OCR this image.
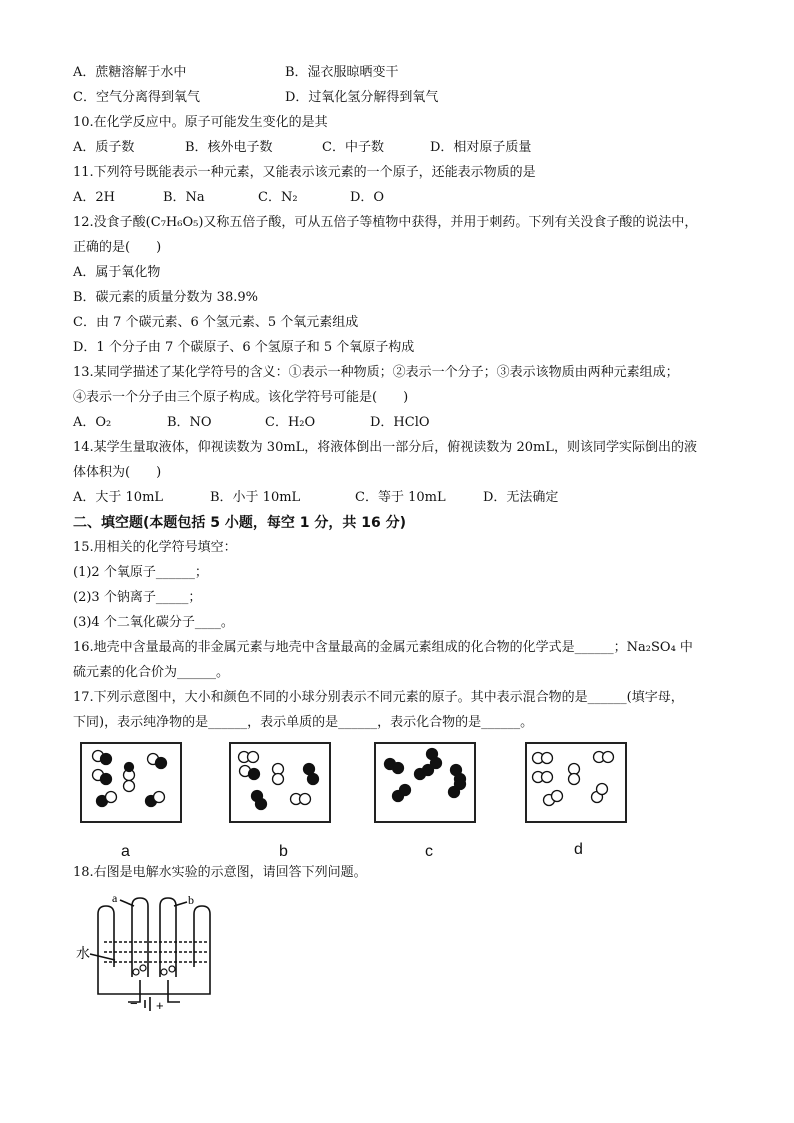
A．蔗糖溶解于水中	B．湿衣服晾晒变干
C．空气分离得到氧气	D．过氧化氢分解得到氧气
10.在化学反应中。原子可能发生变化的是其
A．质子数	B．核外电子数	C．中子数	D．相对原子质量
11.下列符号既能表示一种元素，又能表示该元素的一个原子，还能表示物质的是
A．2H	B．Na	C．N₂	D．O
12.没食子酸(C₇H₆O₅)又称五倍子酸，可从五倍子等植物中获得，并用于刺药。下列有关没食子酸的说法中，
正确的是(　　)
A．属于氧化物
B．碳元素的质量分数为 38.9%
C．由 7 个碳元素、6 个氢元素、5 个氧元素组成
D．1 个分子由 7 个碳原子、6 个氢原子和 5 个氧原子构成
13.某同学描述了某化学符号的含义：①表示一种物质；②表示一个分子；③表示该物质由两种元素组成；
④表示一个分子由三个原子构成。该化学符号可能是(　　)
A．O₂	B．NO	C．H₂O	D．HClO
14.某学生量取液体，仰视读数为 30mL，将液体倒出一部分后，俯视读数为 20mL，则该同学实际倒出的液
体体积为(　　)
A．大于 10mL	B．小于 10mL	C．等于 10mL	D．无法确定
二、填空题(本题包括 5 小题，每空 1 分，共 16 分)
15.用相关的化学符号填空：
(1)2 个氧原子______；
(2)3 个钠离子_____；
(3)4 个二氧化碳分子____。
16.地壳中含量最高的非金属元素与地壳中含量最高的金属元素组成的化合物的化学式是______；Na₂SO₄ 中
硫元素的化合价为______。
17.下列示意图中，大小和颜色不同的小球分别表示不同元素的原子。其中表示混合物的是______(填字母，
下同)，表示纯净物的是______，表示单质的是______，表示化合物的是______。
a	b	c	d
18.右图是电解水实验的示意图，请回答下列问题。
水
a	b
− +
